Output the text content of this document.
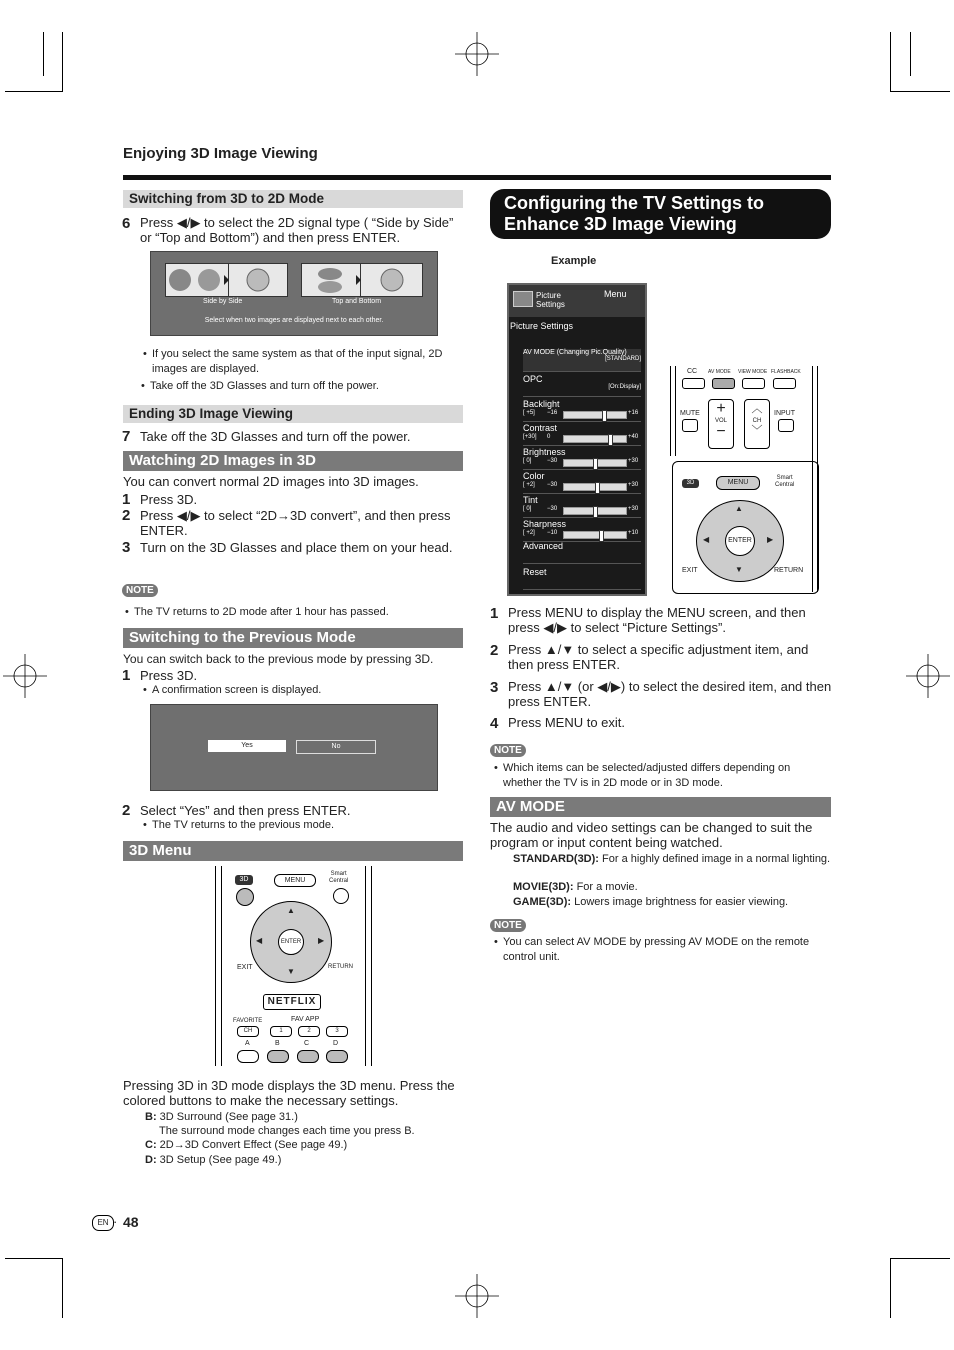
Enjoying 3D Image Viewing
Switching from 3D to 2D Mode
6 Press ◀/▶ to select the 2D signal type ( “Side by Side” or “Top and Bottom”) and then press ENTER.
Side by Side	Top and Bottom
Select when two images are displayed next to each other.
• If you select the same system as that of the input signal, 2D images are displayed.
• Take off the 3D Glasses and turn off the power.
Ending 3D Image Viewing
7 Take off the 3D Glasses and turn off the power.
Watching 2D Images in 3D
You can convert normal 2D images into 3D images.
1 Press 3D.
2 Press ◀/▶ to select “2D→3D convert”, and then press ENTER.
3 Turn on the 3D Glasses and place them on your head.
NOTE
• The TV returns to 2D mode after 1 hour has passed.
Switching to the Previous Mode
You can switch back to the previous mode by pressing 3D.
1 Press 3D.
• A confirmation screen is displayed.
Yes	No
2 Select “Yes” and then press ENTER.
• The TV returns to the previous mode.
3D Menu
3D	MENU
Smart
Central
ENTER
▲
▼
◀	▶
EXIT	RETURN
NETFLIX
FAVORITE	FAV APP
CH	1	2	3
A	B	C	D
Pressing 3D in 3D mode displays the 3D menu. Press the colored buttons to make the necessary settings.
B: 3D Surround (See page 31.)
The surround mode changes each time you press B.
C: 2D→3D Convert Effect (See page 49.)
D: 3D Setup (See page 49.)
Configuring the TV Settings to
Enhance 3D Image Viewing
Example
Picture Settings
Menu
Picture Settings
AV MODE (Changing Pic.Quality)
[STANDARD]
OPC
[On:Display]
Backlight
[ +5] −16	+16
Contrast
[+30] 0	+40
Brightness
[ 0]	−30	+30
Color
[ +2] −30	+30
Tint
[ 0]	−30	+30
Sharpness
[ +2] −10	+10
Advanced
Reset
CC AV MODE VIEW MODE FLASHBACK
MUTE	+
VOL
−
︿
CH
﹀
INPUT
3D	MENU
Smart
Central
ENTER
▲
▼
◀	▶
EXIT	RETURN
1 Press MENU to display the MENU screen, and then press ◀/▶ to select “Picture Settings”.
2 Press ▲/▼ to select a specific adjustment item, and then press ENTER.
3 Press ▲/▼ (or ◀/▶) to select the desired item, and then press ENTER.
4 Press MENU to exit.
NOTE
• Which items can be selected/adjusted differs depending on whether the TV is in 2D mode or in 3D mode.
AV MODE
The audio and video settings can be changed to suit the program or input content being watched.
STANDARD(3D): For a highly defined image in a normal lighting.
MOVIE(3D): For a movie.
GAME(3D): Lowers image brightness for easier viewing.
NOTE
• You can select AV MODE by pressing AV MODE on the remote control unit.
EN · 48
